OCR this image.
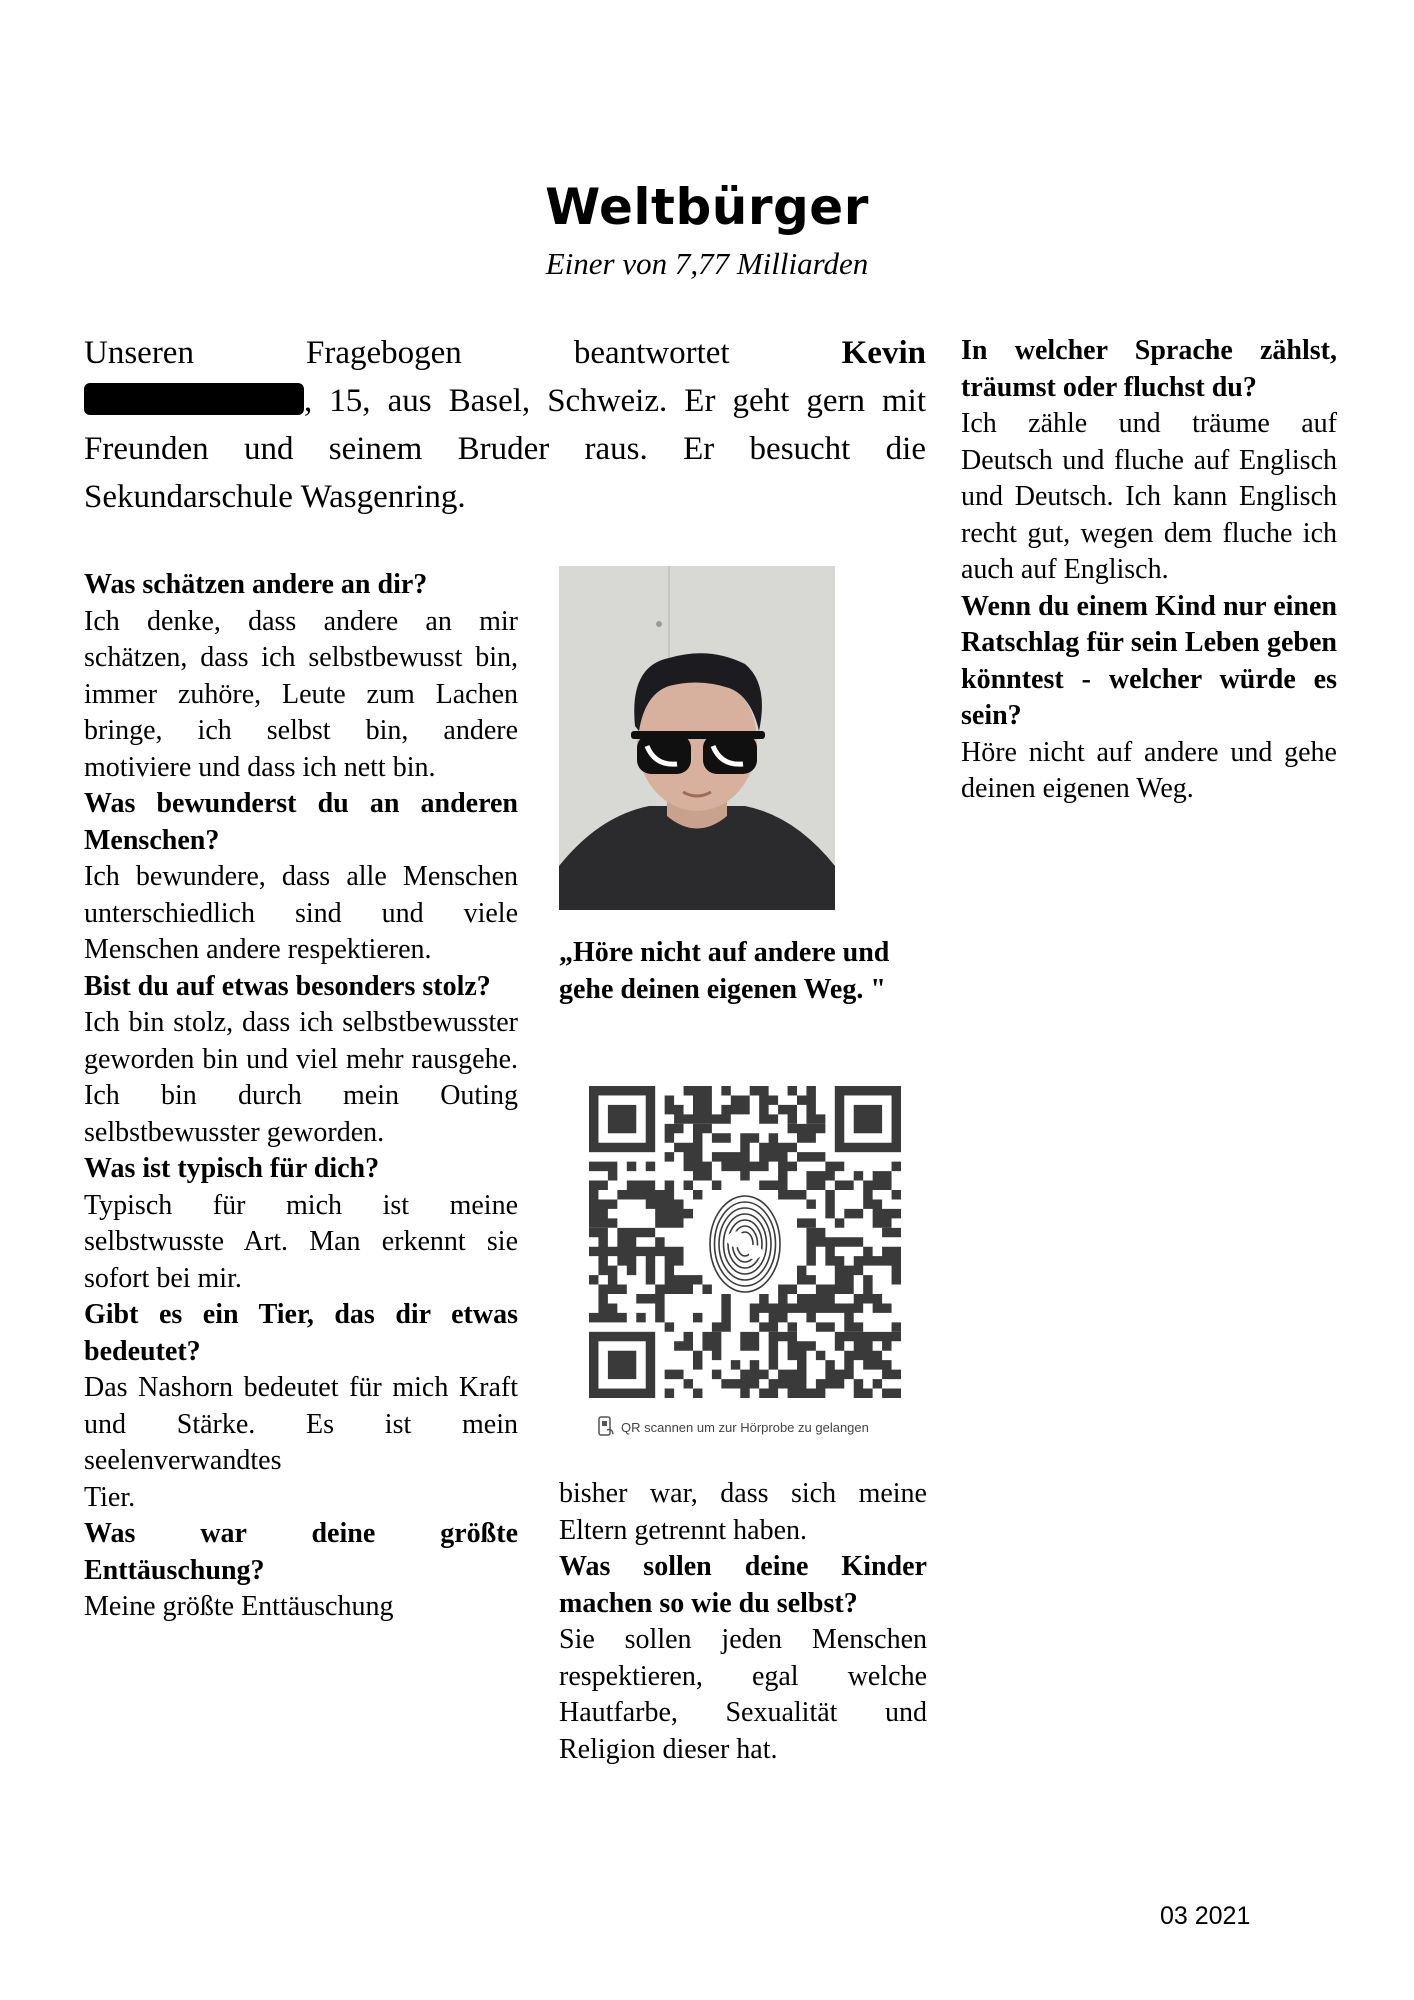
Weltbürger
Einer von 7,77 Milliarden
Unseren	Fragebogen	beantwortet	Kevin
, 15, aus Basel, Schweiz. Er geht gern mit Freunden und seinem Bruder raus. Er besucht die Sekundarschule Wasgenring.

Was schätzen andere an dir?

Ich denke, dass andere an mir schätzen, dass ich selbstbewusst bin, immer zuhöre, Leute zum Lachen bringe, ich selbst bin, andere motiviere und dass ich nett bin.

Was bewunderst du an anderen Menschen?

Ich bewundere, dass alle Menschen unterschiedlich sind und viele Menschen andere respektieren.

Bist du auf etwas besonders stolz?

Ich bin stolz, dass ich selbstbewusster geworden bin und viel mehr rausgehe. Ich bin durch mein Outing selbstbewusster geworden.

Was ist typisch für dich?

Typisch für mich ist meine selbstwusste Art. Man erkennt sie sofort bei mir.

Gibt es ein Tier, das dir etwas bedeutet?

Das Nashorn bedeutet für mich Kraft und Stärke. Es ist mein seelenverwandtes

Tier.

Was war deine größte Enttäuschung?

Meine größte Enttäuschung

„Höre nicht auf andere und gehe deinen eigenen Weg. "
QR scannen um zur Hörprobe zu gelangen

bisher war, dass sich meine Eltern getrennt haben.

Was sollen deine Kinder machen so wie du selbst?

Sie sollen jeden Menschen respektieren, egal welche Hautfarbe, Sexualität und Religion dieser hat.

In welcher Sprache zählst, träumst oder fluchst du?

Ich zähle und träume auf Deutsch und fluche auf Englisch und Deutsch. Ich kann Englisch recht gut, wegen dem fluche ich auch auf Englisch.

Wenn du einem Kind nur einen Ratschlag für sein Leben geben könntest - welcher würde es sein?

Höre nicht auf andere und gehe deinen eigenen Weg.

03 2021
